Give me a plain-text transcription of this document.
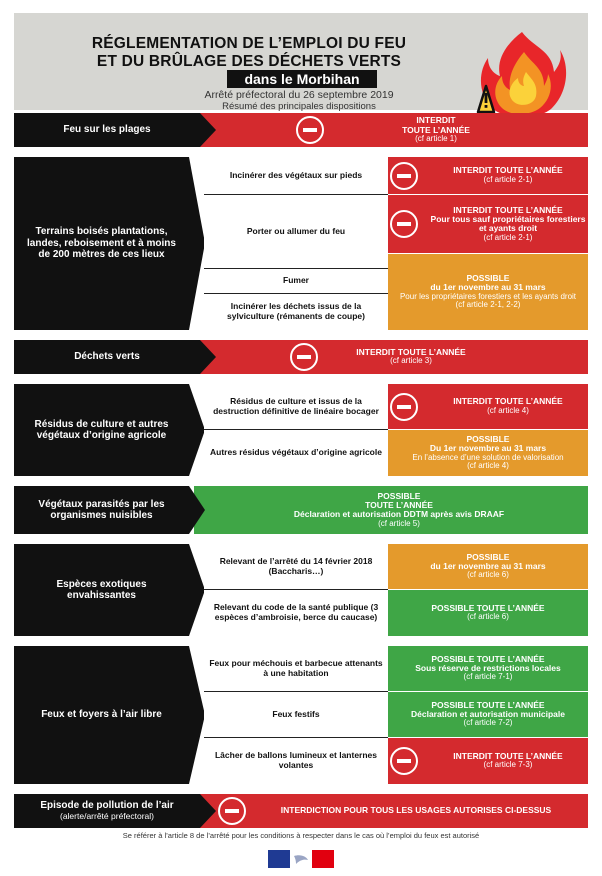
RÉGLEMENTATION DE L’EMPLOI DU FEU
ET DU BRÛLAGE DES DÉCHETS VERTS
dans le Morbihan
Arrêté préfectoral du 26 septembre 2019
Résumé des principales dispositions
INTERDIT
TOUTE L’ANNÉE
(cf article 1)
Feu sur les plages
Terrains boisés plantations, landes, reboisement et à moins de 200 mètres de ces lieux
Incinérer des végétaux sur pieds
Porter ou allumer du feu
Fumer
Incinérer les déchets issus de la sylviculture (rémanents de coupe)
INTERDIT TOUTE L’ANNÉE
(cf article 2-1)
INTERDIT TOUTE L’ANNÉE
Pour tous sauf propriétaires forestiers et ayants droit
(cf article 2-1)
POSSIBLE
du 1er novembre au 31 mars
Pour les propriétaires forestiers et les ayants droit
(cf article 2-1, 2-2)
INTERDIT TOUTE L’ANNÉE
(cf article 3)
Déchets verts
Résidus de culture et autres végétaux d’origine agricole
Résidus de culture et issus de la destruction définitive de linéaire bocager
Autres résidus végétaux d’origine agricole
INTERDIT TOUTE L’ANNÉE
(cf article 4)
POSSIBLE
Du 1er novembre au 31 mars
En l’absence d’une solution de valorisation
(cf article 4)
POSSIBLE
TOUTE L’ANNÉE
Déclaration et autorisation DDTM après avis DRAAF
(cf article 5)
Végétaux parasités par les organismes nuisibles
Espèces exotiques envahissantes
Relevant de l’arrêté du 14 février 2018 (Baccharis…)
Relevant du code de la santé publique (3 espèces d’ambroisie, berce du caucase)
POSSIBLE
du 1er novembre au 31 mars
(cf article 6)
POSSIBLE TOUTE L’ANNÉE
(cf article 6)
Feux et foyers à l’air libre
Feux pour méchouis et barbecue attenants à une habitation
Feux festifs
Lâcher de ballons lumineux et lanternes volantes
POSSIBLE TOUTE L’ANNÉE
Sous réserve de restrictions locales
(cf article 7-1)
POSSIBLE TOUTE L’ANNÉE
Déclaration et autorisation municipale
(cf article 7-2)
INTERDIT TOUTE L’ANNÉE
(cf article 7-3)
INTERDICTION POUR TOUS LES USAGES AUTORISES CI-DESSUS
Episode de pollution de l’air
(alerte/arrêté préfectoral)
Se référer à l’article 8 de l’arrêté pour les conditions à respecter dans le cas où l’emploi du feux est autorisé
